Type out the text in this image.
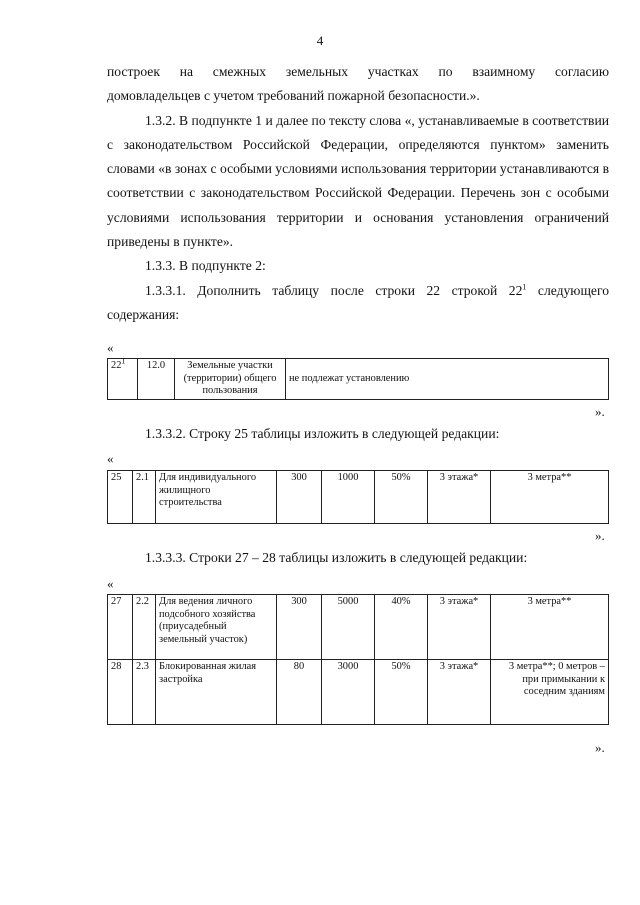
4

построек на смежных земельных участках по взаимному согласию

домовладельцев с учетом требований пожарной безопасности.».

1.3.2. В подпункте 1 и далее по тексту слова «, устанавливаемые в соответствии с законодательством Российской Федерации, определяются пунктом» заменить словами «в зонах с особыми условиями использования территории устанавливаются в соответствии с законодательством Российской Федерации. Перечень зон с особыми условиями использования территории и основания установления ограничений приведены в пункте».

1.3.3. В подпункте 2:

1.3.3.1. Дополнить таблицу после строки 22 строкой $22^1$ следующего содержания:

«
$22^1$	12.0	Земельные участки (территории) общего пользования	не подлежат установлению
».
1.3.3.2. Строку 25 таблицы изложить в следующей редакции:
«
25	2.1	Для индивидуального жилищного строительства	300	1000	50%	3 этажа*	3 метра**
».
1.3.3.3. Строки 27 – 28 таблицы изложить в следующей редакции:
«
27	2.2	Для ведения личного подсобного хозяйства (приусадебный земельный участок)	300	5000	40%	3 этажа*	3 метра**
28	2.3	Блокированная жилая застройка	80	3000	50%	3 этажа*	3 метра**; 0 метров – при примыкании к соседним зданиям
».
